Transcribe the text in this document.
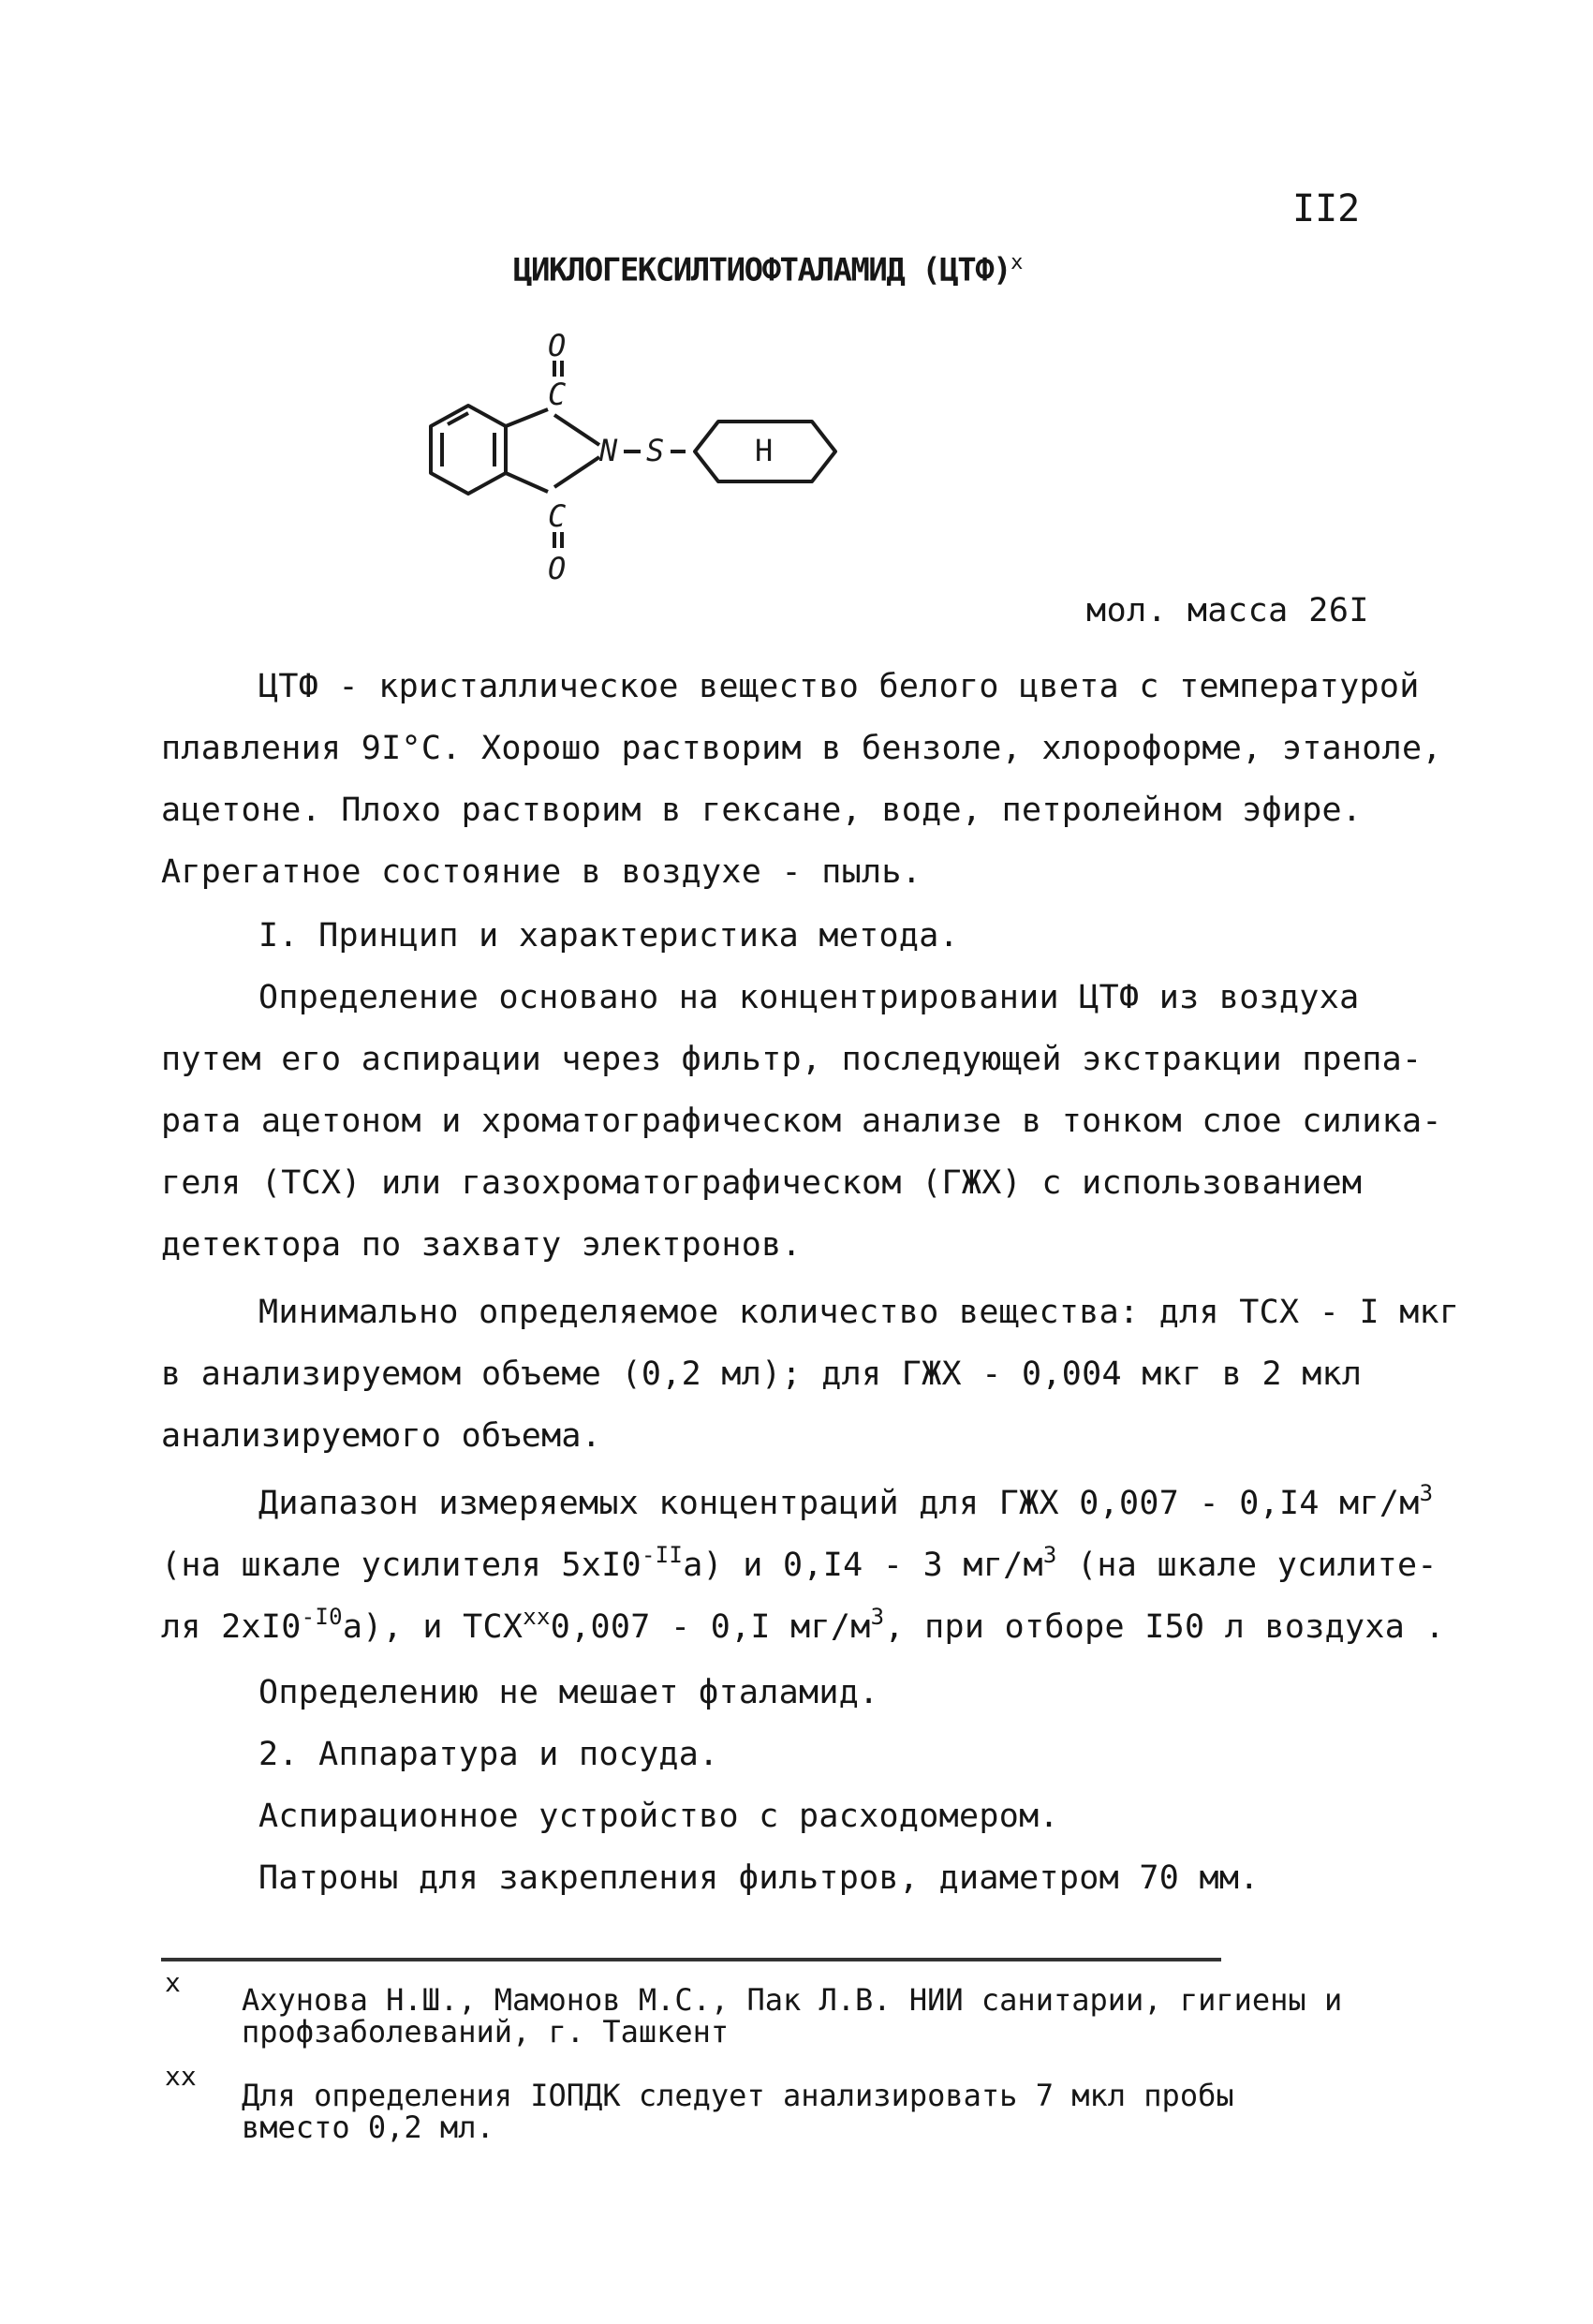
II2
ЦИКЛОГЕКСИЛТИОФТАЛАМИД (ЦТФ)$^х$
O
C
N S	H
C
O
мол. масса 26I
ЦТФ - кристаллическое вещество белого цвета с температурой
плавления 9I°C. Хорошо растворим в бензоле, хлороформе, этаноле,
ацетоне. Плохо растворим в гексане, воде, петролейном эфире.
Агрегатное состояние в воздухе - пыль.
I. Принцип и характеристика метода.
Определение основано на концентрировании ЦТФ из воздуха
путем его аспирации через фильтр, последующей экстракции препа-
рата ацетоном и хроматографическом анализе в тонком слое силика-
геля (ТСХ) или газохроматографическом (ГЖХ) с использованием
детектора по захвату электронов.
Минимально определяемое количество вещества: для ТСХ - I мкг
в анализируемом объеме (0,2 мл); для ГЖХ - 0,004 мкг в 2 мкл
анализируемого объема.
Диапазон измеряемых концентраций для ГЖХ 0,007 - 0,I4 $мг/м^3$
(на шкале усилителя $5хI0^{-II}а$) и 0,I4 - 3 $мг/м^3$ (на шкале усилите-
ля $2хI0^{-I0}а$), и $ТСХ^{хх}0,007 - 0,I$ $мг/м^3$, при отборе I50 л воздуха .
Определению не мешает фталамид.
2. Аппаратура и посуда.
Аспирационное устройство с расходомером.
Патроны для закрепления фильтров, диаметром 70 мм.
х Ахунова Н.Ш., Мамонов М.С., Пак Л.В. НИИ санитарии, гигиены и
профзаболеваний, г. Ташкент
хх
Для определения IОПДК следует анализировать 7 мкл пробы
вместо 0,2 мл.
